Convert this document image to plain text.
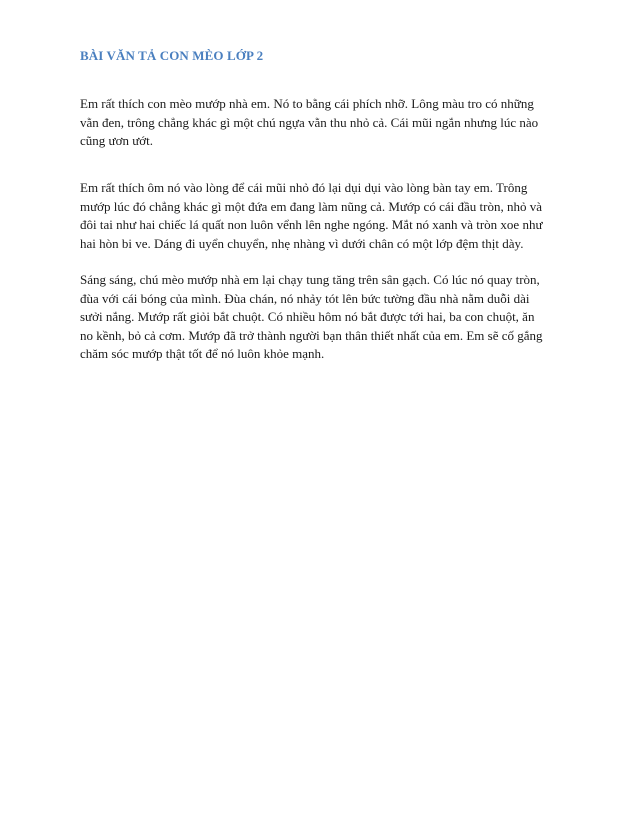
BÀI VĂN TẢ CON MÈO LỚP 2

Em rất thích con mèo mướp nhà em. Nó to bằng cái phích nhỡ. Lông màu tro có những
vằn đen, trông chẳng khác gì một chú ngựa vằn thu nhỏ cả. Cái mũi ngắn nhưng lúc nào
cũng ươn ướt.

Em rất thích ôm nó vào lòng để cái mũi nhỏ đó lại dụi dụi vào lòng bàn tay em. Trông
mướp lúc đó chẳng khác gì một đứa em đang làm nũng cả. Mướp có cái đầu tròn, nhỏ và
đôi tai như hai chiếc lá quất non luôn vểnh lên nghe ngóng. Mắt nó xanh và tròn xoe như
hai hòn bi ve. Dáng đi uyển chuyển, nhẹ nhàng vì dưới chân có một lớp đệm thịt dày.

Sáng sáng, chú mèo mướp nhà em lại chạy tung tăng trên sân gạch. Có lúc nó quay tròn,
đùa với cái bóng của mình. Đùa chán, nó nhảy tót lên bức tường đầu nhà nằm duỗi dài
sưởi nắng. Mướp rất giỏi bắt chuột. Có nhiều hôm nó bắt được tới hai, ba con chuột, ăn
no kềnh, bỏ cả cơm. Mướp đã trở thành người bạn thân thiết nhất của em. Em sẽ cố gắng
chăm sóc mướp thật tốt để nó luôn khỏe mạnh.
